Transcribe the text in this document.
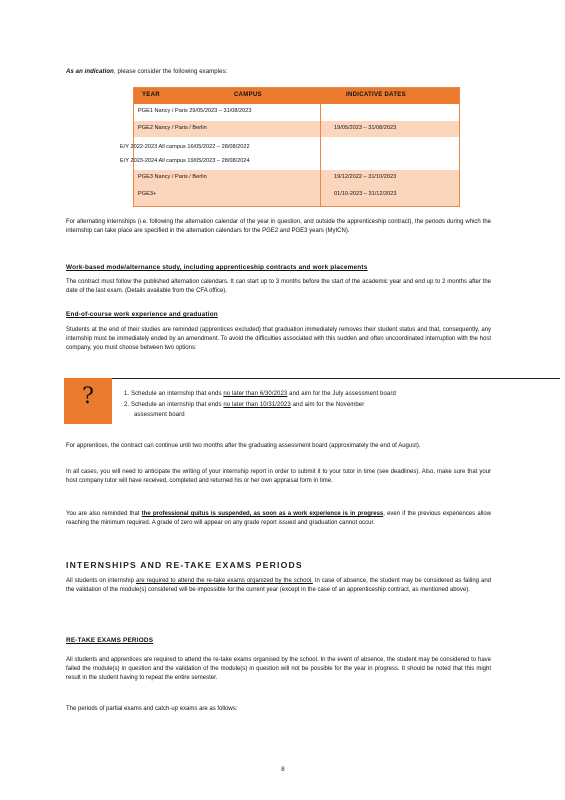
As an indication, please consider the following examples:
YEAR	CAMPUS	INDICATIVE DATES
PGE1 Nancy / Paris 29/05/2023 – 31/08/2023
PGE2 Nancy / Paris / Berlin	19/05/2023 – 31/08/2023
E/Y 2022-2023 All campus 16/05/2022 – 28/08/2022
E/Y 2023-2024 All campus 19/05/2023 – 28/08/2024
PGE3 Nancy / Paris / Berlin	19/12/2022 – 31/10/2023
PGE3+	01/10-2023 – 31/12/2023
For alternating internships (i.e. following the alternation calendar of the year in question, and outside the apprenticeship contract), the periods during which the internship can take place are specified in the alternation calendars for the PGE2 and PGE3 years (MyICN).
Work-based mode/alternance study, including apprenticeship contracts and work placements
The contract must follow the published alternation calendars. It can start up to 3 months before the start of the academic year and end up to 2 months after the date of the last exam. (Details available from the CFA office).
End-of-course work experience and graduation
Students at the end of their studies are reminded (apprentices excluded) that graduation immediately removes their student status and that, consequently, any internship must be immediately ended by an amendment. To avoid the difficulties associated with this sudden and often uncoordinated interruption with the host company, you must choose between two options:
?	1. Schedule an internship that ends no later than 6/30/2023 and aim for the July assessment board
2. Schedule an internship that ends no later than 10/31/2023 and aim for the November
assessment board
For apprentices, the contract can continue until two months after the graduating assessment board (approximately the end of August).
In all cases, you will need to anticipate the writing of your internship report in order to submit it to your tutor in time (see deadlines). Also, make sure that your host company tutor will have received, completed and returned his or her own appraisal form in time.
You are also reminded that the professional quitus is suspended, as soon as a work experience is in progress, even if the previous experiences allow reaching the minimum required. A grade of zero will appear on any grade report issued and graduation cannot occur.
INTERNSHIPS AND RE-TAKE EXAMS PERIODS
All students on internship are required to attend the re-take exams organized by the school. In case of absence, the student may be considered as failing and the validation of the module(s) considered will be impossible for the current year (except in the case of an apprenticeship contract, as mentioned above).
RE-TAKE EXAMS PERIODS
All students and apprentices are required to attend the re-take exams organised by the school. In the event of absence, the student may be considered to have failed the module(s) in question and the validation of the module(s) in question will not be possible for the year in progress. It should be noted that this might result in the student having to repeat the entire semester.
The periods of partial exams and catch-up exams are as follows:
8
